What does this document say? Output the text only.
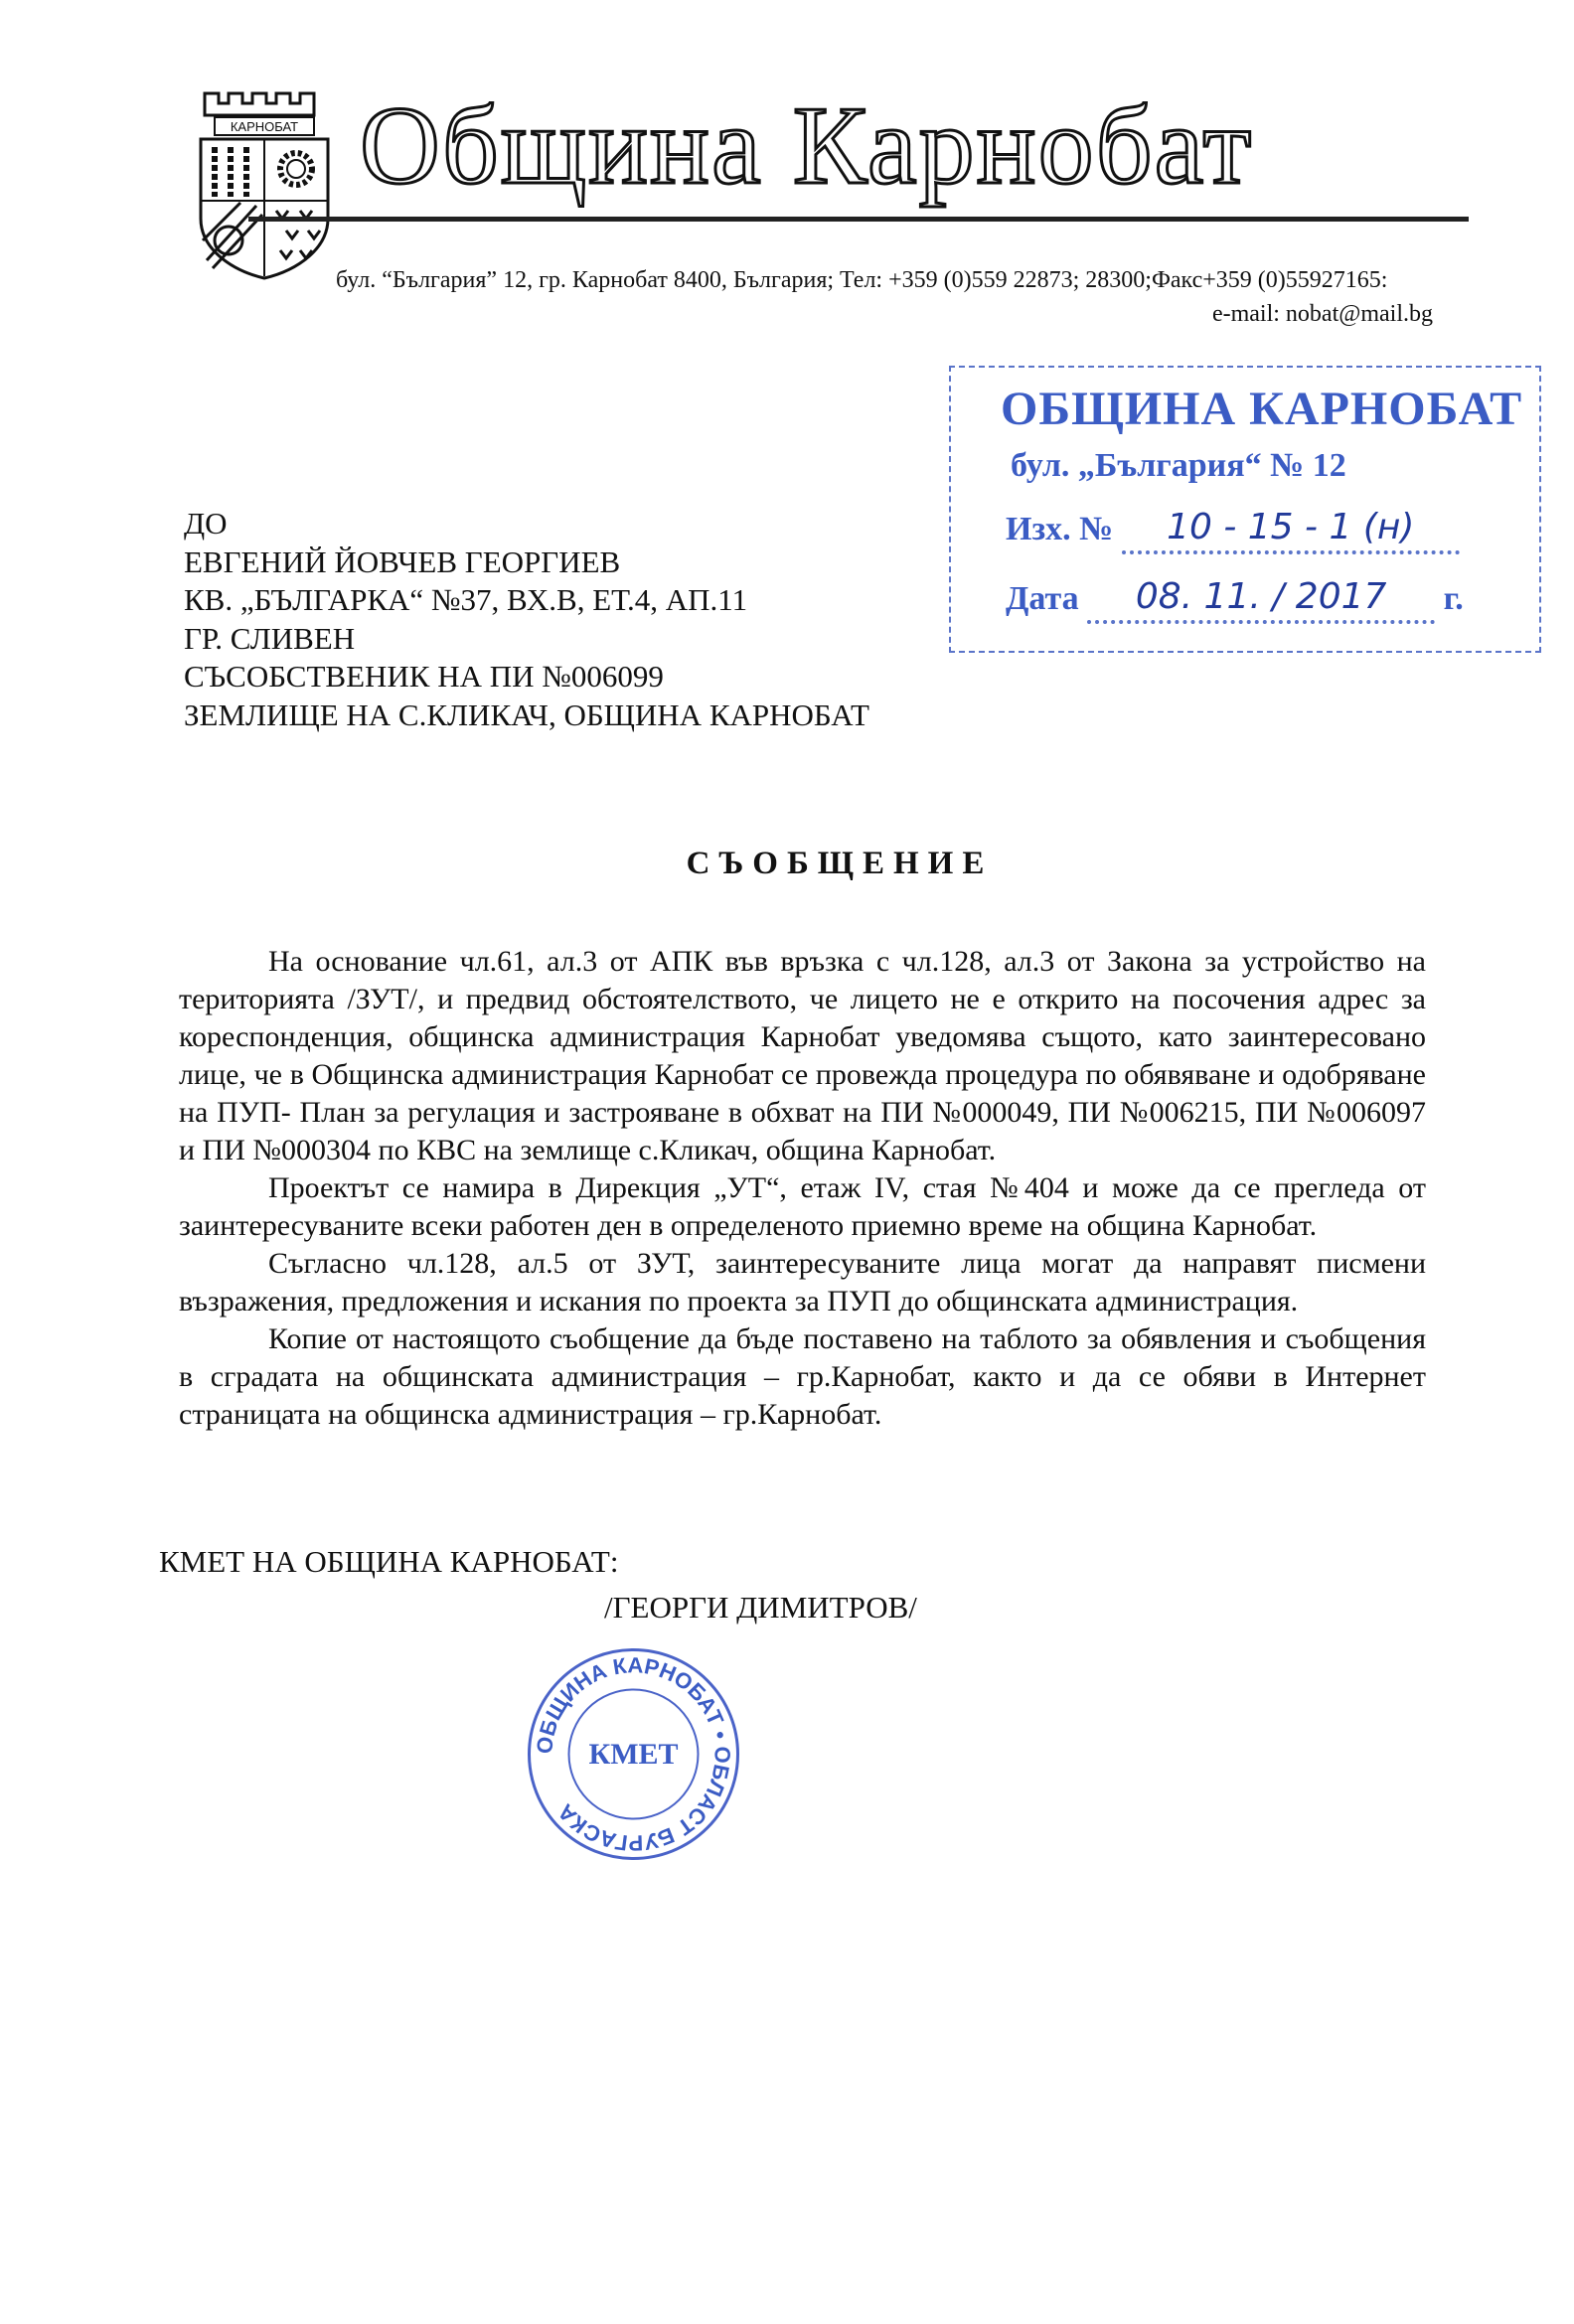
КАРНОБАТ Община Карнобат
бул. “България” 12, гр. Карнобат 8400, България; Тел: +359 (0)559 22873; 28300;Факс+359 (0)55927165:
e-mail: nobat@mail.bg
ОБЩИНА КАРНОБАТ
бул. „България“ № 12
Изх. № 10 - 15 - 1 (н)
Дата 08. 11. / 2017 г.
ДО
ЕВГЕНИЙ ЙОВЧЕВ ГЕОРГИЕВ
КВ. „БЪЛГАРКА“ №37, ВХ.В, ЕТ.4, АП.11
ГР. СЛИВЕН
СЪСОБСТВЕНИК НА ПИ №006099
ЗЕМЛИЩЕ НА С.КЛИКАЧ, ОБЩИНА КАРНОБАТ
СЪОБЩЕНИЕ

На основание чл.61, ал.3 от АПК във връзка с чл.128, ал.3 от Закона за устройство на територията /ЗУТ/, и предвид обстоятелството, че лицето не е открито на посочения адрес за кореспонденция, общинска администрация Карнобат уведомява същото, като заинтересовано лице, че в Общинска администрация Карнобат се провежда процедура по обявяване и одобряване на ПУП- План за регулация и застрояване в обхват на ПИ №000049, ПИ №006215, ПИ №006097 и ПИ №000304 по КВС на землище с.Кликач, община Карнобат.

Проектът се намира в Дирекция „УТ“, етаж IV, стая №404 и може да се прегледа от заинтересуваните всеки работен ден в определеното приемно време на община Карнобат.

Съгласно чл.128, ал.5 от ЗУТ, заинтересуваните лица могат да направят писмени възражения, предложения и искания по проекта за ПУП до общинската администрация.

Копие от настоящото съобщение да бъде поставено на таблото за обявления и съобщения в сградата на общинската администрация – гр.Карнобат, както и да се обяви в Интернет страницата на общинска администрация – гр.Карнобат.

КМЕТ НА ОБЩИНА КАРНОБАТ:
/ГЕОРГИ ДИМИТРОВ/
ОБЩИНА КАРНОБАТ • ОБЛАСТ БУРГАСКА
КМЕТ
